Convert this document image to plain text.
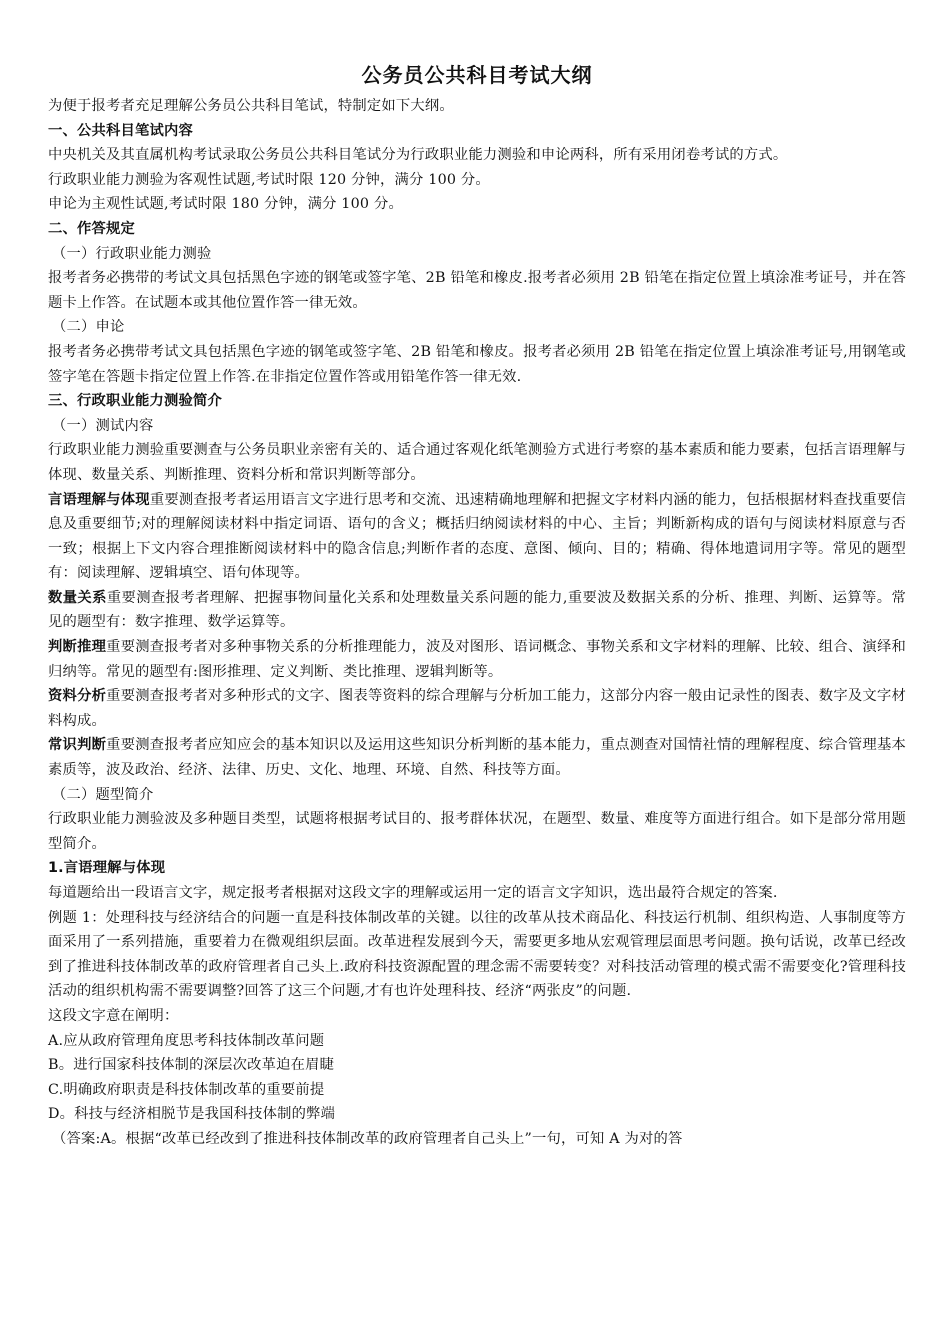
公务员公共科目考试大纲

为便于报考者充足理解公务员公共科目笔试，特制定如下大纲。

一、公共科目笔试内容

中央机关及其直属机构考试录取公务员公共科目笔试分为行政职业能力测验和申论两科，所有采用闭卷考试的方式。

行政职业能力测验为客观性试题,考试时限 120 分钟，满分 100 分。

申论为主观性试题,考试时限 180 分钟，满分 100 分。

二、作答规定

（一）行政职业能力测验

报考者务必携带的考试文具包括黑色字迹的钢笔或签字笔、2B 铅笔和橡皮.报考者必须用 2B 铅笔在指定位置上填涂准考证号，并在答题卡上作答。在试题本或其他位置作答一律无效。

（二）申论

报考者务必携带考试文具包括黑色字迹的钢笔或签字笔、2B 铅笔和橡皮。报考者必须用 2B 铅笔在指定位置上填涂准考证号,用钢笔或签字笔在答题卡指定位置上作答.在非指定位置作答或用铅笔作答一律无效.

三、行政职业能力测验简介

（一）测试内容

行政职业能力测验重要测查与公务员职业亲密有关的、适合通过客观化纸笔测验方式进行考察的基本素质和能力要素，包括言语理解与体现、数量关系、判断推理、资料分析和常识判断等部分。

言语理解与体现重要测查报考者运用语言文字进行思考和交流、迅速精确地理解和把握文字材料内涵的能力，包括根据材料查找重要信息及重要细节;对的理解阅读材料中指定词语、语句的含义；概括归纳阅读材料的中心、主旨；判断新构成的语句与阅读材料原意与否一致；根据上下文内容合理推断阅读材料中的隐含信息;判断作者的态度、意图、倾向、目的；精确、得体地遣词用字等。常见的题型有：阅读理解、逻辑填空、语句体现等。

数量关系重要测查报考者理解、把握事物间量化关系和处理数量关系问题的能力,重要波及数据关系的分析、推理、判断、运算等。常见的题型有：数字推理、数学运算等。

判断推理重要测查报考者对多种事物关系的分析推理能力，波及对图形、语词概念、事物关系和文字材料的理解、比较、组合、演绎和归纳等。常见的题型有:图形推理、定义判断、类比推理、逻辑判断等。

资料分析重要测查报考者对多种形式的文字、图表等资料的综合理解与分析加工能力，这部分内容一般由记录性的图表、数字及文字材料构成。

常识判断重要测查报考者应知应会的基本知识以及运用这些知识分析判断的基本能力，重点测查对国情社情的理解程度、综合管理基本素质等，波及政治、经济、法律、历史、文化、地理、环境、自然、科技等方面。

（二）题型简介

行政职业能力测验波及多种题目类型，试题将根据考试目的、报考群体状况，在题型、数量、难度等方面进行组合。如下是部分常用题型简介。

1.言语理解与体现

每道题给出一段语言文字，规定报考者根据对这段文字的理解或运用一定的语言文字知识，选出最符合规定的答案.

例题 1：处理科技与经济结合的问题一直是科技体制改革的关键。以往的改革从技术商品化、科技运行机制、组织构造、人事制度等方面采用了一系列措施，重要着力在微观组织层面。改革进程发展到今天，需要更多地从宏观管理层面思考问题。换句话说，改革已经改到了推进科技体制改革的政府管理者自己头上.政府科技资源配置的理念需不需要转变？对科技活动管理的模式需不需要变化?管理科技活动的组织机构需不需要调整?回答了这三个问题,才有也许处理科技、经济“两张皮”的问题.

这段文字意在阐明：

A.应从政府管理角度思考科技体制改革问题

B。进行国家科技体制的深层次改革迫在眉睫

C.明确政府职责是科技体制改革的重要前提

D。科技与经济相脱节是我国科技体制的弊端

（答案:A。根据“改革已经改到了推进科技体制改革的政府管理者自己头上”一句，可知 A 为对的答
